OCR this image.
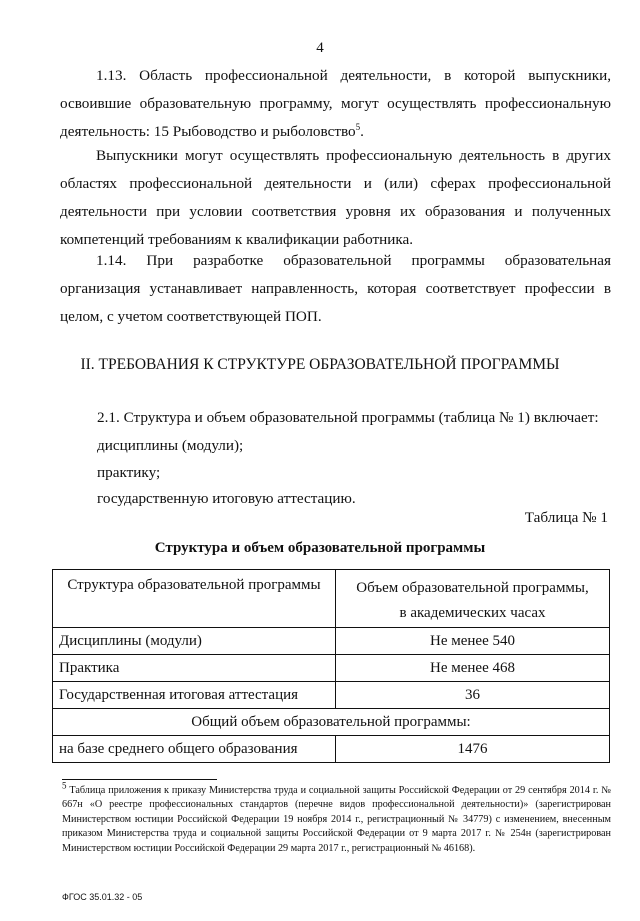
4
1.13. Область профессиональной деятельности, в которой выпускники, освоившие образовательную программу, могут осуществлять профессиональную деятельность: 15 Рыбоводство и рыболовство$^5$.
Выпускники могут осуществлять профессиональную деятельность в других областях профессиональной деятельности и (или) сферах профессиональной деятельности при условии соответствия уровня их образования и полученных компетенций требованиям к квалификации работника.
1.14. При разработке образовательной программы образовательная организация устанавливает направленность, которая соответствует профессии в целом, с учетом соответствующей ПОП.
II. ТРЕБОВАНИЯ К СТРУКТУРЕ ОБРАЗОВАТЕЛЬНОЙ ПРОГРАММЫ
2.1. Структура и объем образовательной программы (таблица № 1) включает:
дисциплины (модули);
практику;
государственную итоговую аттестацию.
Таблица № 1
Структура и объем образовательной программы
Структура образовательной программы	Объем образовательной программы,
в академических часах

Дисциплины (модули)	Не менее 540
Практика	Не менее 468
Государственная итоговая аттестация	36
Общий объем образовательной программы:	
на базе среднего общего образования	1476
$^5$ Таблица приложения к приказу Министерства труда и социальной защиты Российской Федерации от 29 сентября 2014 г. № 667н «О реестре профессиональных стандартов (перечне видов профессиональной деятельности)» (зарегистрирован Министерством юстиции Российской Федерации 19 ноября 2014 г., регистрационный № 34779) с изменением, внесенным приказом Министерства труда и социальной защиты Российской Федерации от 9 марта 2017 г. № 254н (зарегистрирован Министерством юстиции Российской Федерации 29 марта 2017 г., регистрационный № 46168).
ФГОС 35.01.32 - 05
